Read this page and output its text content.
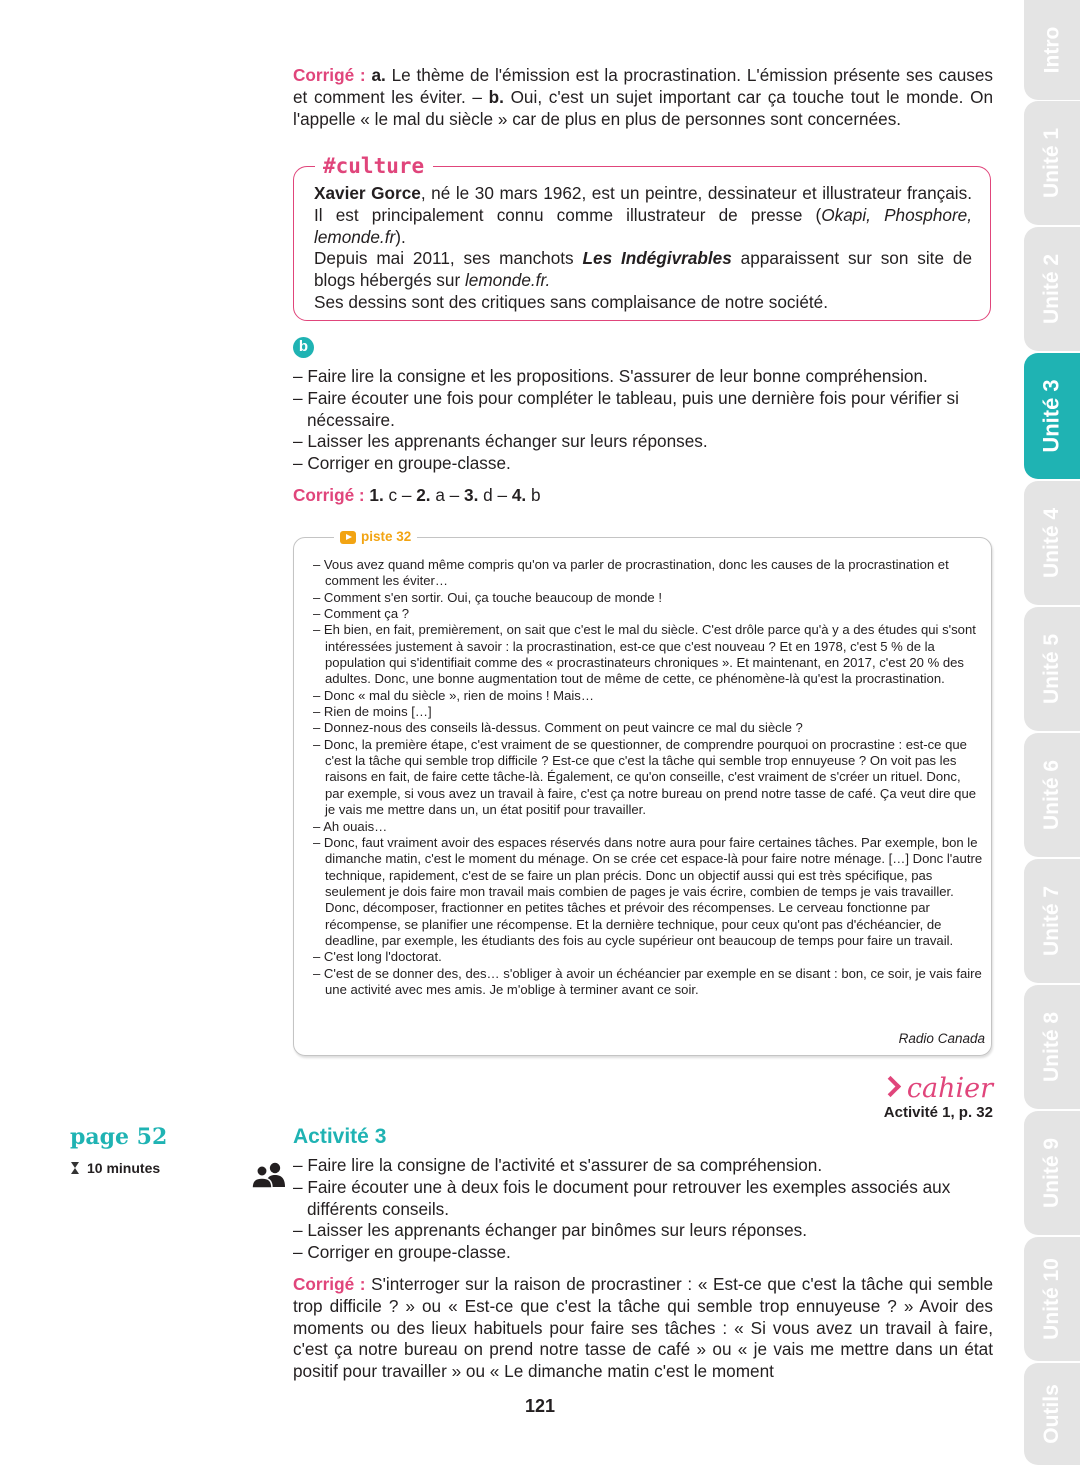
Corrigé : a. Le thème de l'émission est la procrastination. L'émission présente ses causes et comment les éviter. – b. Oui, c'est un sujet important car ça touche tout le monde. On l'appelle « le mal du siècle » car de plus en plus de personnes sont concernées.

#culture

Xavier Gorce, né le 30 mars 1962, est un peintre, dessinateur et illustrateur français. Il est principalement connu comme illustrateur de presse (Okapi, Phosphore, lemonde.fr).

Depuis mai 2011, ses manchots Les Indégivrables apparaissent sur son site de blogs hébergés sur lemonde.fr.

Ses dessins sont des critiques sans complaisance de notre société.

b
– Faire lire la consigne et les propositions. S'assurer de leur bonne compréhension.
– Faire écouter une fois pour compléter le tableau, puis une dernière fois pour vérifier si nécessaire.
– Laisser les apprenants échanger sur leurs réponses.
– Corriger en groupe-classe.

Corrigé : 1. c – 2. a – 3. d – 4. b

piste 32
– Vous avez quand même compris qu'on va parler de procrastination, donc les causes de la procrastination et comment les éviter…
– Comment s'en sortir. Oui, ça touche beaucoup de monde !
– Comment ça ?
– Eh bien, en fait, premièrement, on sait que c'est le mal du siècle. C'est drôle parce qu'à y a des études qui s'sont intéressées justement à savoir : la procrastination, est-ce que c'est nouveau ? Et en 1978, c'est 5 % de la population qui s'identifiait comme des « procrastinateurs chroniques ». Et maintenant, en 2017, c'est 20 % des adultes. Donc, une bonne augmentation tout de même de cette, ce phénomène-là qu'est la procrastination.
– Donc « mal du siècle », rien de moins ! Mais…
– Rien de moins […]
– Donnez-nous des conseils là-dessus. Comment on peut vaincre ce mal du siècle ?
– Donc, la première étape, c'est vraiment de se questionner, de comprendre pourquoi on procrastine : est-ce que c'est la tâche qui semble trop difficile ? Est-ce que c'est la tâche qui semble trop ennuyeuse ? On voit pas les raisons en fait, de faire cette tâche-là. Également, ce qu'on conseille, c'est vraiment de s'créer un rituel. Donc, par exemple, si vous avez un travail à faire, c'est ça notre bureau on prend notre tasse de café. Ça veut dire que je vais me mettre dans un, un état positif pour travailler.
– Ah ouais…
– Donc, faut vraiment avoir des espaces réservés dans notre aura pour faire certaines tâches. Par exemple, bon le dimanche matin, c'est le moment du ménage. On se crée cet espace-là pour faire notre ménage. […] Donc l'autre technique, rapidement, c'est de se faire un plan précis. Donc un objectif aussi qui est très spécifique, pas seulement je dois faire mon travail mais combien de pages je vais écrire, combien de temps je vais travailler. Donc, décomposer, fractionner en petites tâches et prévoir des récompenses. Le cerveau fonctionne par récompense, se planifier une récompense. Et la dernière technique, pour ceux qu'ont pas d'échéancier, de deadline, par exemple, les étudiants des fois au cycle supérieur ont beaucoup de temps pour faire un travail.
– C'est long l'doctorat.
– C'est de se donner des, des… s'obliger à avoir un échéancier par exemple en se disant : bon, ce soir, je vais faire une activité avec mes amis. Je m'oblige à terminer avant ce soir.
Radio Canada
cahier
Activité 1, p. 32
page 52
10 minutes
Activité 3
– Faire lire la consigne de l'activité et s'assurer de sa compréhension.
– Faire écouter une à deux fois le document pour retrouver les exemples associés aux différents conseils.
– Laisser les apprenants échanger par binômes sur leurs réponses.
– Corriger en groupe-classe.

Corrigé : S'interroger sur la raison de procrastiner : « Est-ce que c'est la tâche qui semble trop difficile ? » ou « Est-ce que c'est la tâche qui semble trop ennuyeuse ? » Avoir des moments ou des lieux habituels pour faire ses tâches : « Si vous avez un travail à faire, c'est ça notre bureau on prend notre tasse de café » ou « je vais me mettre dans un état positif pour travailler » ou « Le dimanche matin c'est le moment

121
Intro
Unité 1
Unité 2
Unité 3
Unité 4
Unité 5
Unité 6
Unité 7
Unité 8
Unité 9
Unité 10
Outils
